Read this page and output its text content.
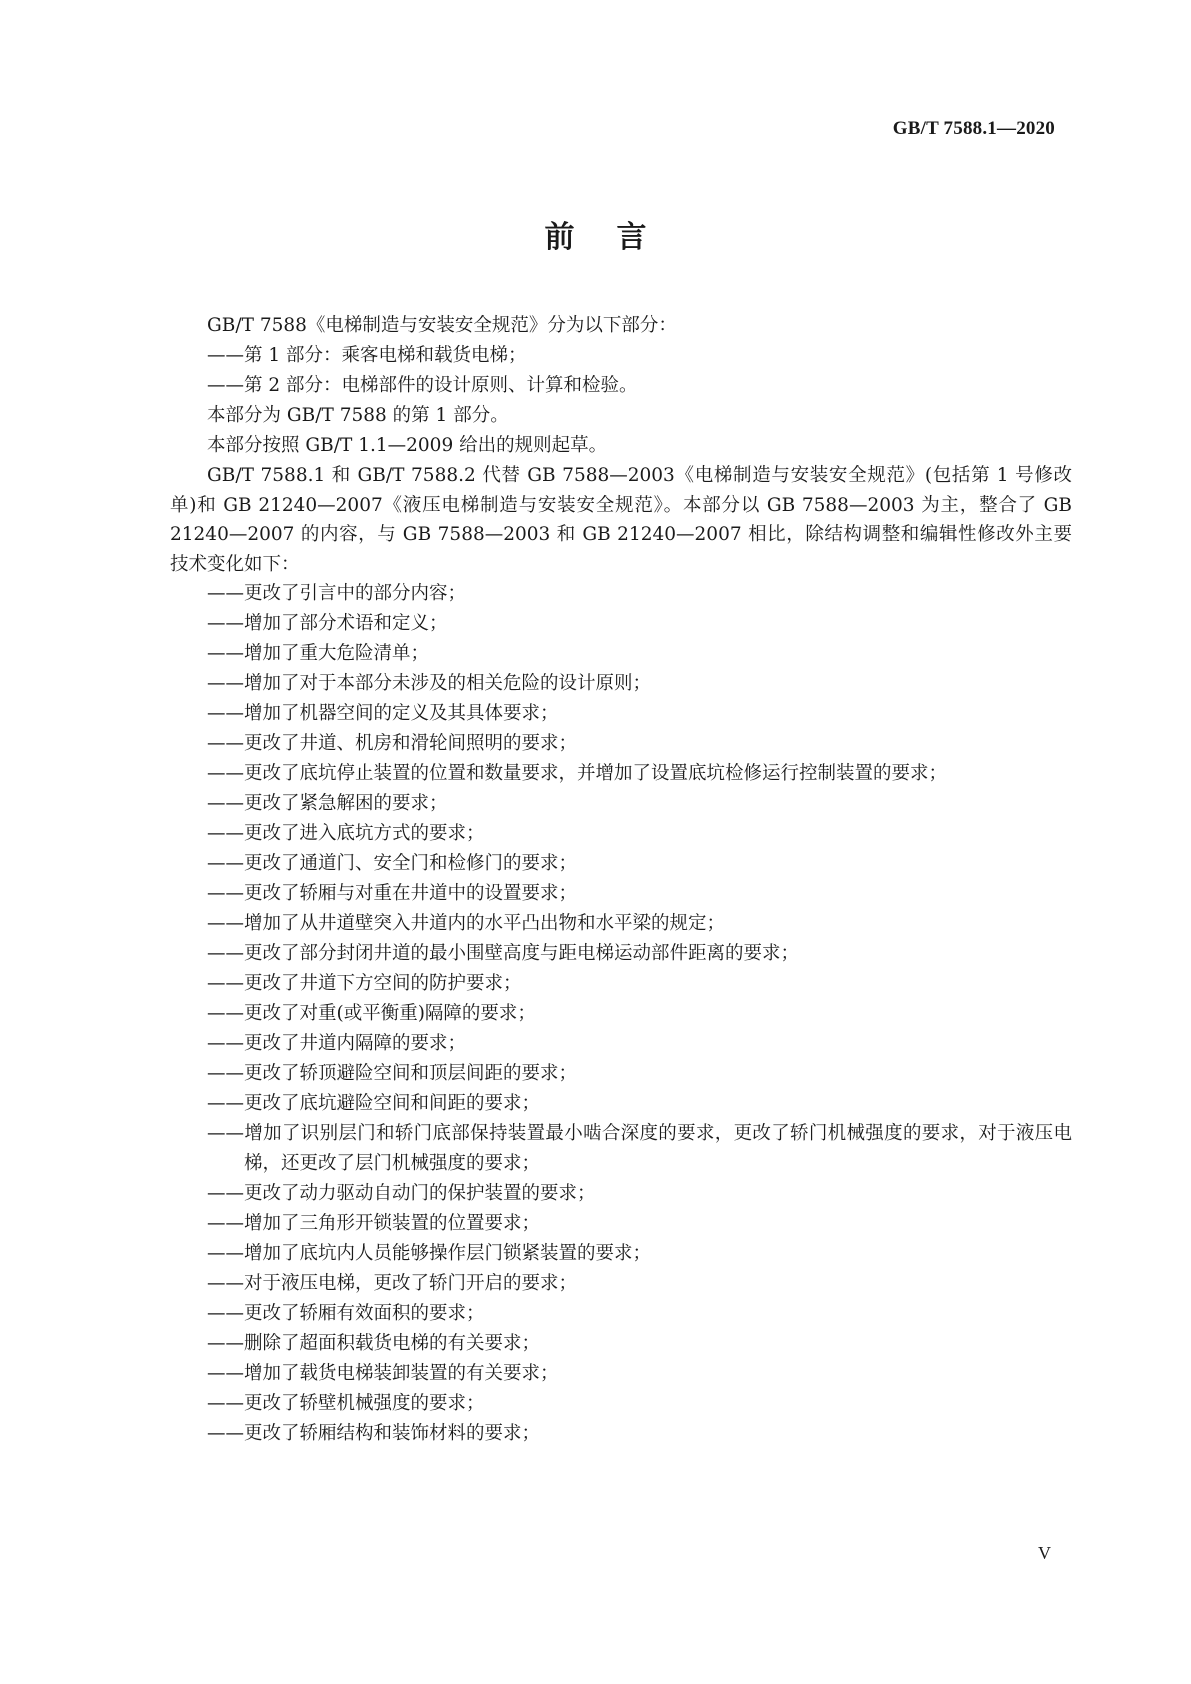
GB/T 7588.1—2020
前言

GB/T 7588《电梯制造与安装安全规范》分为以下部分：

——第 1 部分：乘客电梯和载货电梯；

——第 2 部分：电梯部件的设计原则、计算和检验。

本部分为 GB/T 7588 的第 1 部分。

本部分按照 GB/T 1.1—2009 给出的规则起草。

GB/T 7588.1 和 GB/T 7588.2 代替 GB 7588—2003《电梯制造与安装安全规范》(包括第 1 号修改单)和 GB 21240—2007《液压电梯制造与安装安全规范》。本部分以 GB 7588—2003 为主，整合了 GB 21240—2007 的内容，与 GB 7588—2003 和 GB 21240—2007 相比，除结构调整和编辑性修改外主要技术变化如下：

——更改了引言中的部分内容；

——增加了部分术语和定义；

——增加了重大危险清单；

——增加了对于本部分未涉及的相关危险的设计原则；

——增加了机器空间的定义及其具体要求；

——更改了井道、机房和滑轮间照明的要求；

——更改了底坑停止装置的位置和数量要求，并增加了设置底坑检修运行控制装置的要求；

——更改了紧急解困的要求；

——更改了进入底坑方式的要求；

——更改了通道门、安全门和检修门的要求；

——更改了轿厢与对重在井道中的设置要求；

——增加了从井道壁突入井道内的水平凸出物和水平梁的规定；

——更改了部分封闭井道的最小围壁高度与距电梯运动部件距离的要求；

——更改了井道下方空间的防护要求；

——更改了对重(或平衡重)隔障的要求；

——更改了井道内隔障的要求；

——更改了轿顶避险空间和顶层间距的要求；

——更改了底坑避险空间和间距的要求；

——增加了识别层门和轿门底部保持装置最小啮合深度的要求，更改了轿门机械强度的要求，对于液压电梯，还更改了层门机械强度的要求；

——更改了动力驱动自动门的保护装置的要求；

——增加了三角形开锁装置的位置要求；

——增加了底坑内人员能够操作层门锁紧装置的要求；

——对于液压电梯，更改了轿门开启的要求；

——更改了轿厢有效面积的要求；

——删除了超面积载货电梯的有关要求；

——增加了载货电梯装卸装置的有关要求；

——更改了轿壁机械强度的要求；

——更改了轿厢结构和装饰材料的要求；

V
